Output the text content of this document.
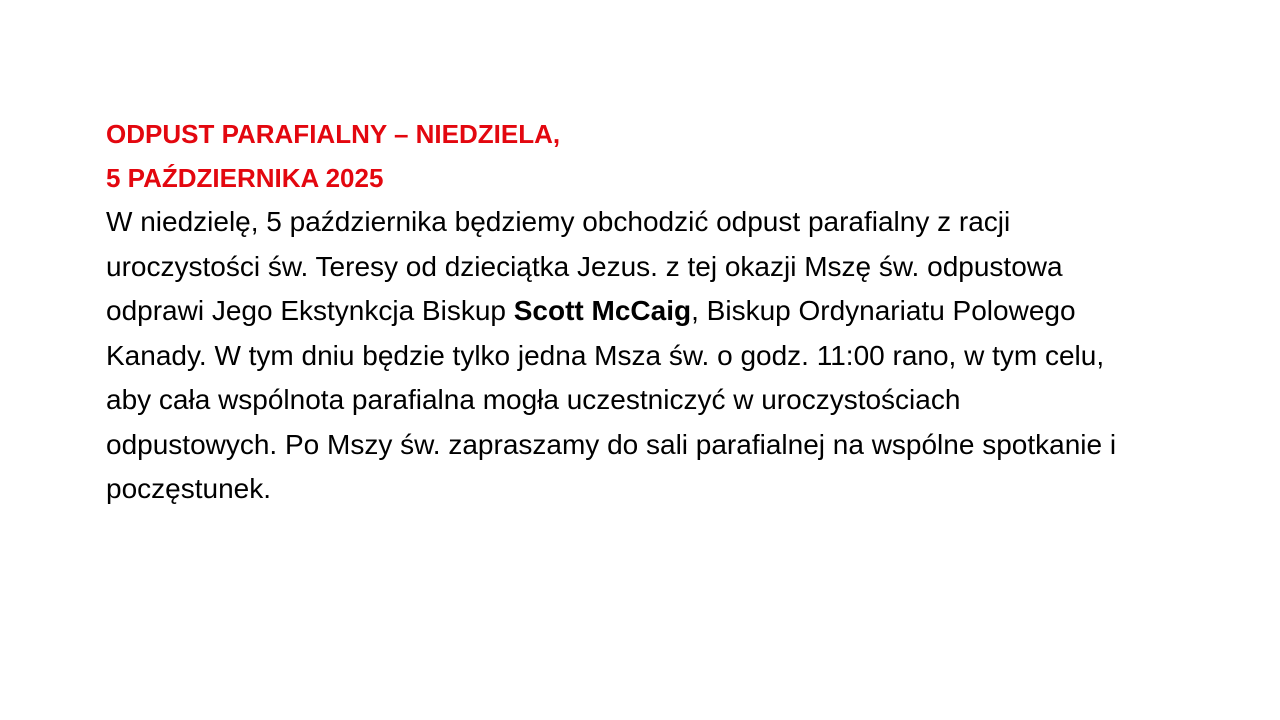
ODPUST PARAFIALNY – NIEDZIELA,
5 PAŹDZIERNIKA 2025

W niedzielę, 5 października będziemy obchodzić odpust parafialny z racji uroczystości św. Teresy od dzieciątka Jezus. z tej okazji Mszę św. odpustowa odprawi Jego Ekstynkcja Biskup Scott McCaig, Biskup Ordynariatu Polowego Kanady. W tym dniu będzie tylko jedna Msza św. o godz. 11:00 rano, w tym celu, aby cała wspólnota parafialna mogła uczestniczyć w uroczystościach odpustowych. Po Mszy św. zapraszamy do sali parafialnej na wspólne spotkanie i poczęstunek.
